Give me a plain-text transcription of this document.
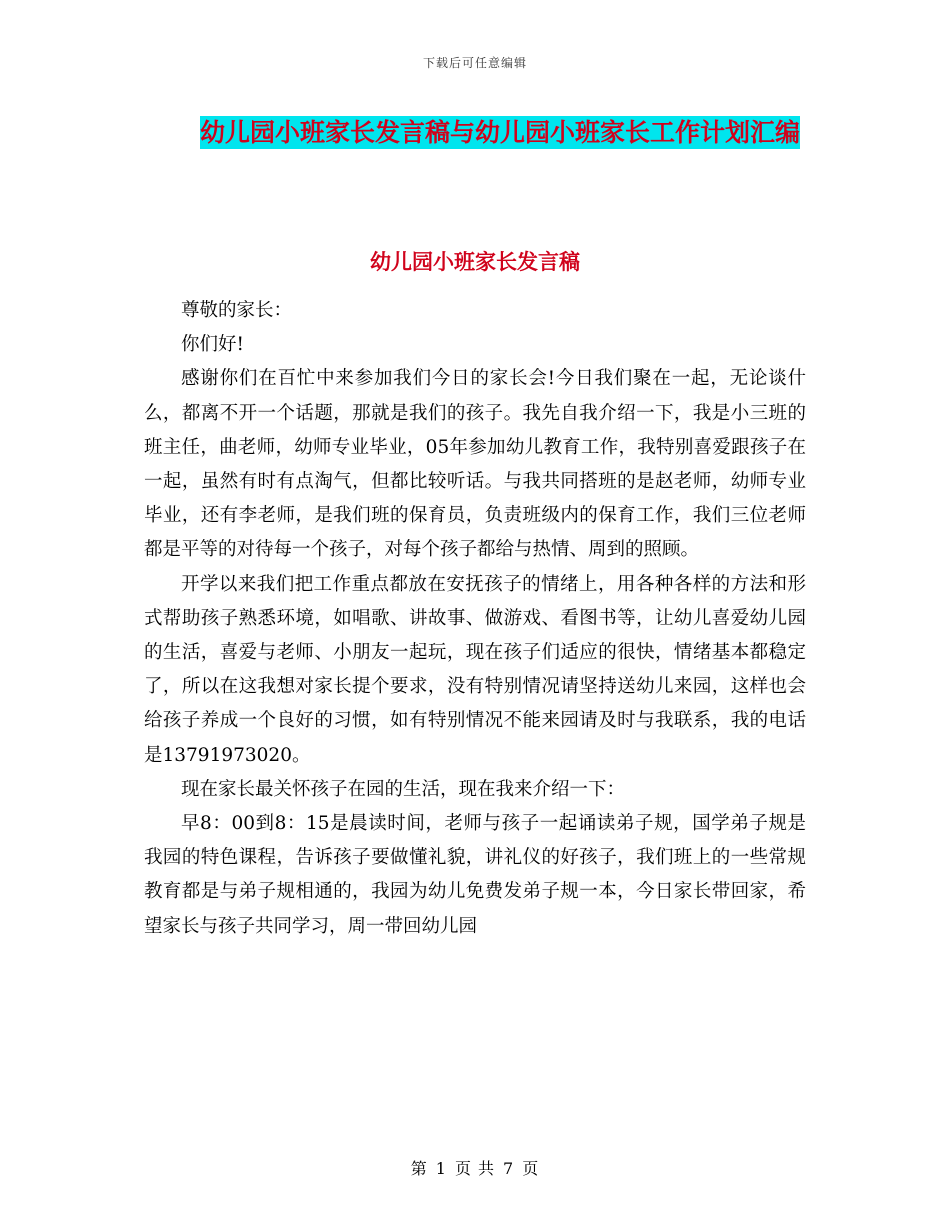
下载后可任意编辑
幼儿园小班家长发言稿与幼儿园小班家长工作计划汇编
幼儿园小班家长发言稿

尊敬的家长：

你们好!

感谢你们在百忙中来参加我们今日的家长会!今日我们聚在一起，无论谈什么，都离不开一个话题，那就是我们的孩子。我先自我介绍一下，我是小三班的班主任，曲老师，幼师专业毕业，05年参加幼儿教育工作，我特别喜爱跟孩子在一起，虽然有时有点淘气，但都比较听话。与我共同搭班的是赵老师，幼师专业毕业，还有李老师，是我们班的保育员，负责班级内的保育工作，我们三位老师都是平等的对待每一个孩子，对每个孩子都给与热情、周到的照顾。

开学以来我们把工作重点都放在安抚孩子的情绪上，用各种各样的方法和形式帮助孩子熟悉环境，如唱歌、讲故事、做游戏、看图书等，让幼儿喜爱幼儿园的生活，喜爱与老师、小朋友一起玩，现在孩子们适应的很快，情绪基本都稳定了，所以在这我想对家长提个要求，没有特别情况请坚持送幼儿来园，这样也会给孩子养成一个良好的习惯，如有特别情况不能来园请及时与我联系，我的电话是13791973020。

现在家长最关怀孩子在园的生活，现在我来介绍一下：

早8：00到8：15是晨读时间，老师与孩子一起诵读弟子规，国学弟子规是我园的特色课程，告诉孩子要做懂礼貌，讲礼仪的好孩子，我们班上的一些常规教育都是与弟子规相通的，我园为幼儿免费发弟子规一本，今日家长带回家，希望家长与孩子共同学习，周一带回幼儿园

第 1 页 共 7 页
